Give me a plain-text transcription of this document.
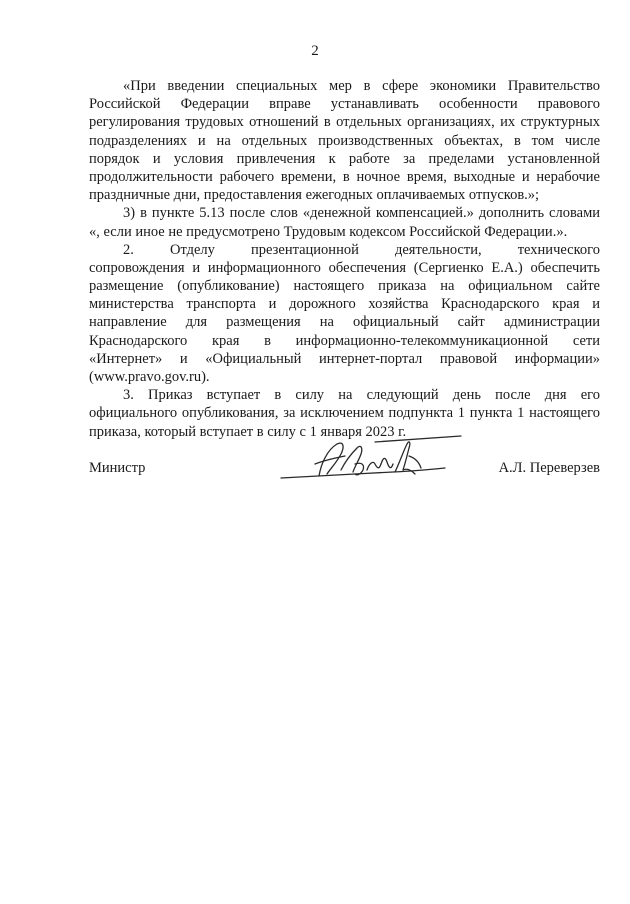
2
«При введении специальных мер в сфере экономики Правительство
Российской Федерации вправе устанавливать особенности правового
регулирования трудовых отношений в отдельных организациях, их структурных
подразделениях и на отдельных производственных объектах, в том числе
порядок и условия привлечения к работе за пределами установленной
продолжительности рабочего времени, в ночное время, выходные и нерабочие
праздничные дни, предоставления ежегодных оплачиваемых отпусков.»;
3) в пункте 5.13 после слов «денежной компенсацией.» дополнить словами
«, если иное не предусмотрено Трудовым кодексом Российской Федерации.».
2. Отделу презентационной деятельности, технического
сопровождения и информационного обеспечения (Сергиенко Е.А.) обеспечить
размещение (опубликование) настоящего приказа на официальном сайте
министерства транспорта и дорожного хозяйства Краснодарского края и
направление для размещения на официальный сайт администрации
Краснодарского края в информационно-телекоммуникационной сети
«Интернет» и «Официальный интернет-портал правовой информации»
(www.pravo.gov.ru).
3. Приказ вступает в силу на следующий день после дня его
официального опубликования, за исключением подпункта 1 пункта 1 настоящего
приказа, который вступает в силу с 1 января 2023 г.
Министр	А.Л. Переверзев
